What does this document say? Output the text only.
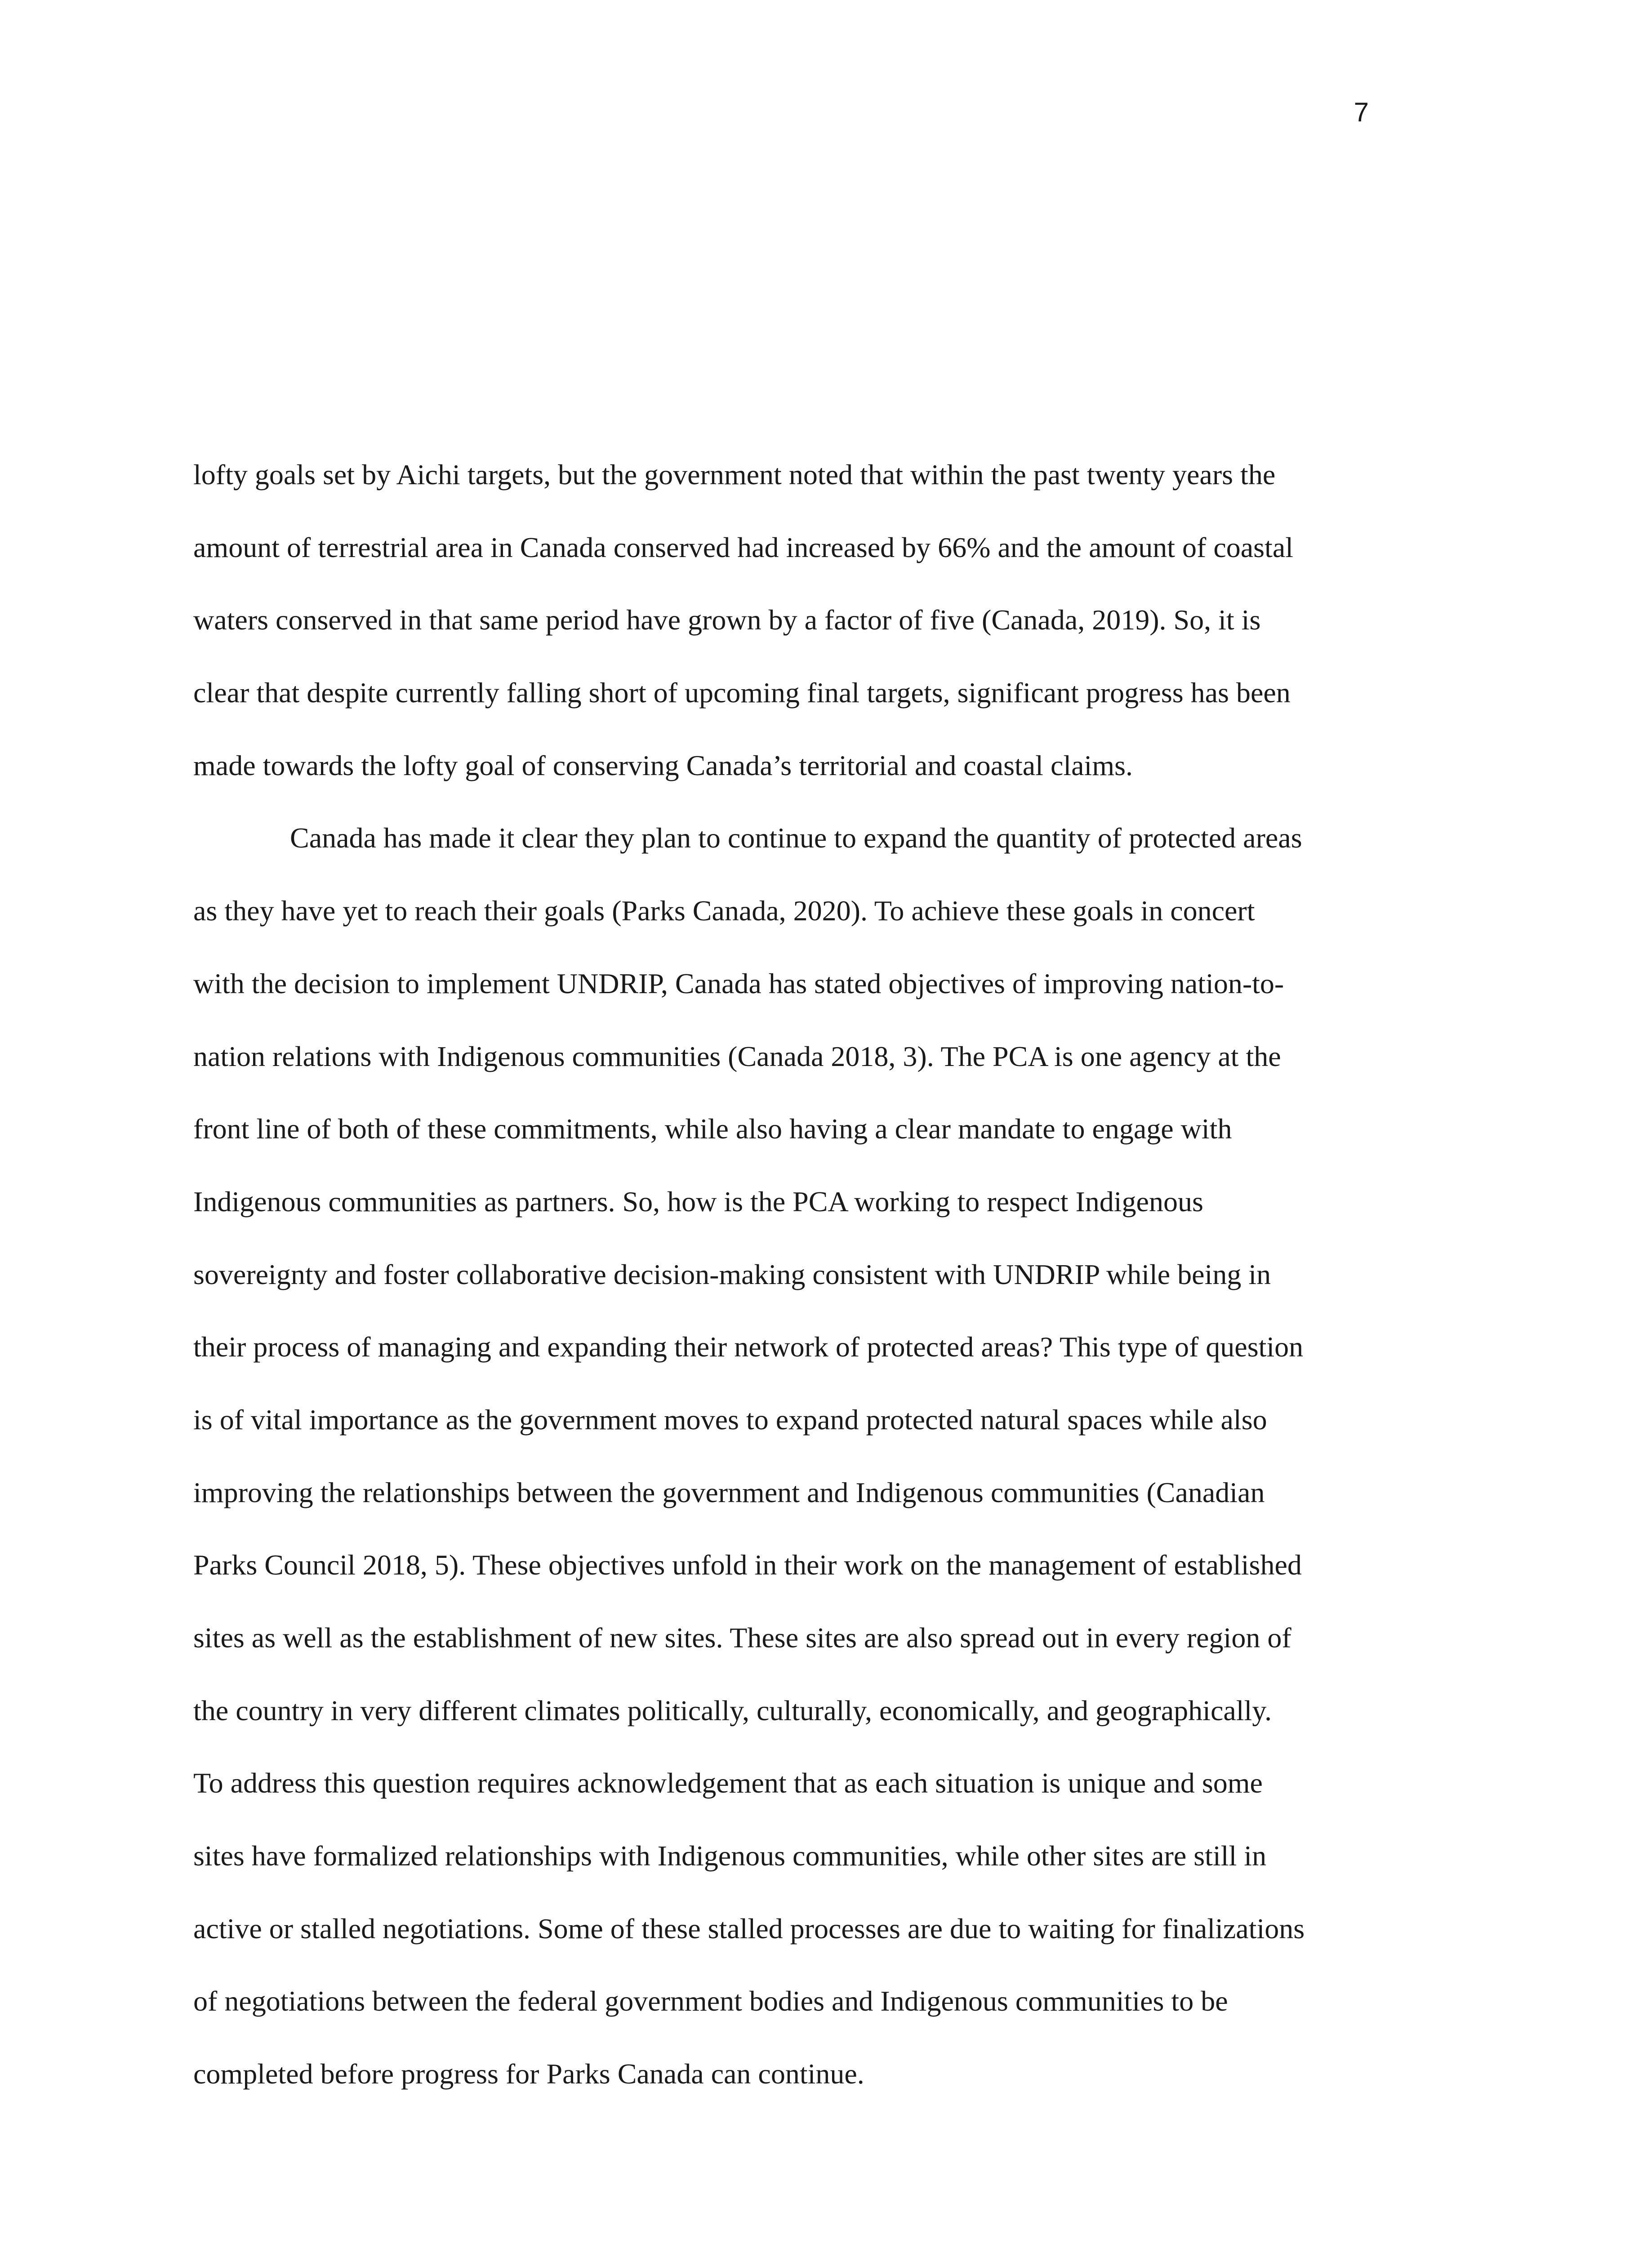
7
lofty goals set by Aichi targets, but the government noted that within the past twenty years the
amount of terrestrial area in Canada conserved had increased by 66% and the amount of coastal
waters conserved in that same period have grown by a factor of five (Canada, 2019). So, it is
clear that despite currently falling short of upcoming final targets, significant progress has been
made towards the lofty goal of conserving Canada’s territorial and coastal claims.
Canada has made it clear they plan to continue to expand the quantity of protected areas
as they have yet to reach their goals (Parks Canada, 2020). To achieve these goals in concert
with the decision to implement UNDRIP, Canada has stated objectives of improving nation-to-
nation relations with Indigenous communities (Canada 2018, 3). The PCA is one agency at the
front line of both of these commitments, while also having a clear mandate to engage with
Indigenous communities as partners. So, how is the PCA working to respect Indigenous
sovereignty and foster collaborative decision-making consistent with UNDRIP while being in
their process of managing and expanding their network of protected areas? This type of question
is of vital importance as the government moves to expand protected natural spaces while also
improving the relationships between the government and Indigenous communities (Canadian
Parks Council 2018, 5). These objectives unfold in their work on the management of established
sites as well as the establishment of new sites. These sites are also spread out in every region of
the country in very different climates politically, culturally, economically, and geographically.
To address this question requires acknowledgement that as each situation is unique and some
sites have formalized relationships with Indigenous communities, while other sites are still in
active or stalled negotiations. Some of these stalled processes are due to waiting for finalizations
of negotiations between the federal government bodies and Indigenous communities to be
completed before progress for Parks Canada can continue.
